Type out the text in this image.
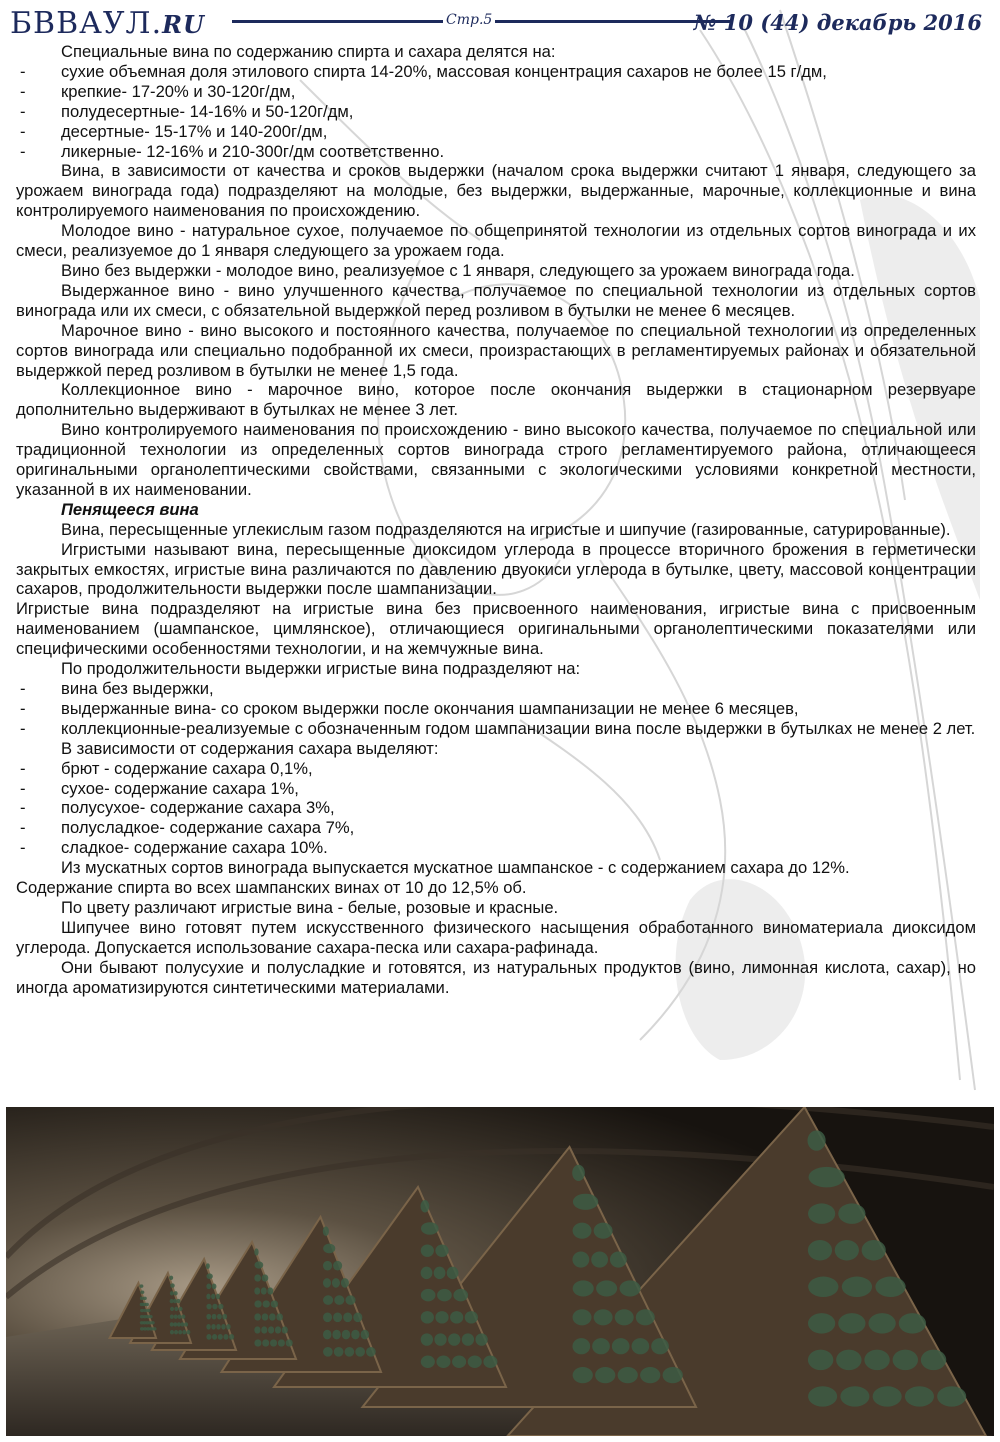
БВВАУЛ.RU	Стр.5	№ 10 (44) декабрь 2016

Специальные вина по содержанию спирта и сахара делятся на:

- сухие объемная доля этилового спирта 14-20%, массовая концентрация сахаров не более 15 г/дм,

- крепкие- 17-20% и 30-120г/дм,

- полудесертные- 14-16% и 50-120г/дм,

- десертные- 15-17% и 140-200г/дм,

- ликерные- 12-16% и 210-300г/дм соответственно.

Вина, в зависимости от качества и сроков выдержки (началом срока выдержки считают 1 января, следующего за урожаем винограда года) подразделяют на молодые, без выдержки, выдержанные, марочные, коллекционные и вина контролируемого наименования по происхождению.

Молодое вино - натуральное сухое, получаемое по общепринятой технологии из отдельных сортов винограда и их смеси, реализуемое до 1 января следующего за урожаем года.

Вино без выдержки - молодое вино, реализуемое с 1 января, следующего за урожаем винограда года.

Выдержанное вино - вино улучшенного качества, получаемое по специальной технологии из отдельных сортов винограда или их смеси, с обязательной выдержкой перед розливом в бутылки не менее 6 месяцев.

Марочное вино - вино высокого и постоянного качества, получаемое по специальной технологии из определенных сортов винограда или специально подобранной их смеси, произрастающих в регламентируемых районах и обязательной выдержкой перед розливом в бутылки не менее 1,5 года.

Коллекционное вино - марочное вино, которое после окончания выдержки в стационарном резервуаре дополнительно выдерживают в бутылках не менее 3 лет.

Вино контролируемого наименования по происхождению - вино высокого качества, получаемое по специальной или традиционной технологии из определенных сортов винограда строго регламентируемого района, отличающееся оригинальными органолептическими свойствами, связанными с экологическими условиями конкретной местности, указанной в их наименовании.

Пенящееся вина

Вина, пересыщенные углекислым газом подразделяются на игристые и шипучие (газированные, сатурированные).

Игристыми называют вина, пересыщенные диоксидом углерода в процессе вторичного брожения в герметически закрытых емкостях, игристые вина различаются по давлению двуокиси углерода в бутылке, цвету, массовой концентрации сахаров, продолжительности выдержки после шампанизации.

Игристые вина подразделяют на игристые вина без присвоенного наименования, игристые вина с присвоенным наименованием (шампанское, цимлянское), отличающиеся оригинальными органолептическими показателями или специфическими особенностями технологии, и на жемчужные вина.

По продолжительности выдержки игристые вина подразделяют на:

- вина без выдержки,

- выдержанные вина- со сроком выдержки после окончания шампанизации не менее 6 месяцев,

- коллекционные-реализуемые с обозначенным годом шампанизации вина после выдержки в бутылках не менее 2 лет.

В зависимости от содержания сахара выделяют:

- брют - содержание сахара 0,1%,

- сухое- содержание сахара 1%,

- полусухое- содержание сахара 3%,

- полусладкое- содержание сахара 7%,

- сладкое- содержание сахара 10%.

Из мускатных сортов винограда выпускается мускатное шампанское - с содержанием сахара до 12%.

Содержание спирта во всех шампанских винах от 10 до 12,5% об.

По цвету различают игристые вина - белые, розовые и красные.

Шипучее вино готовят путем искусственного физического насыщения обработанного виноматериала диоксидом углерода. Допускается использование сахара-песка или сахара-рафинада.

Они бывают полусухие и полусладкие и готовятся, из натуральных продуктов (вино, лимонная кислота, сахар), но иногда ароматизируются синтетическими материалами.
